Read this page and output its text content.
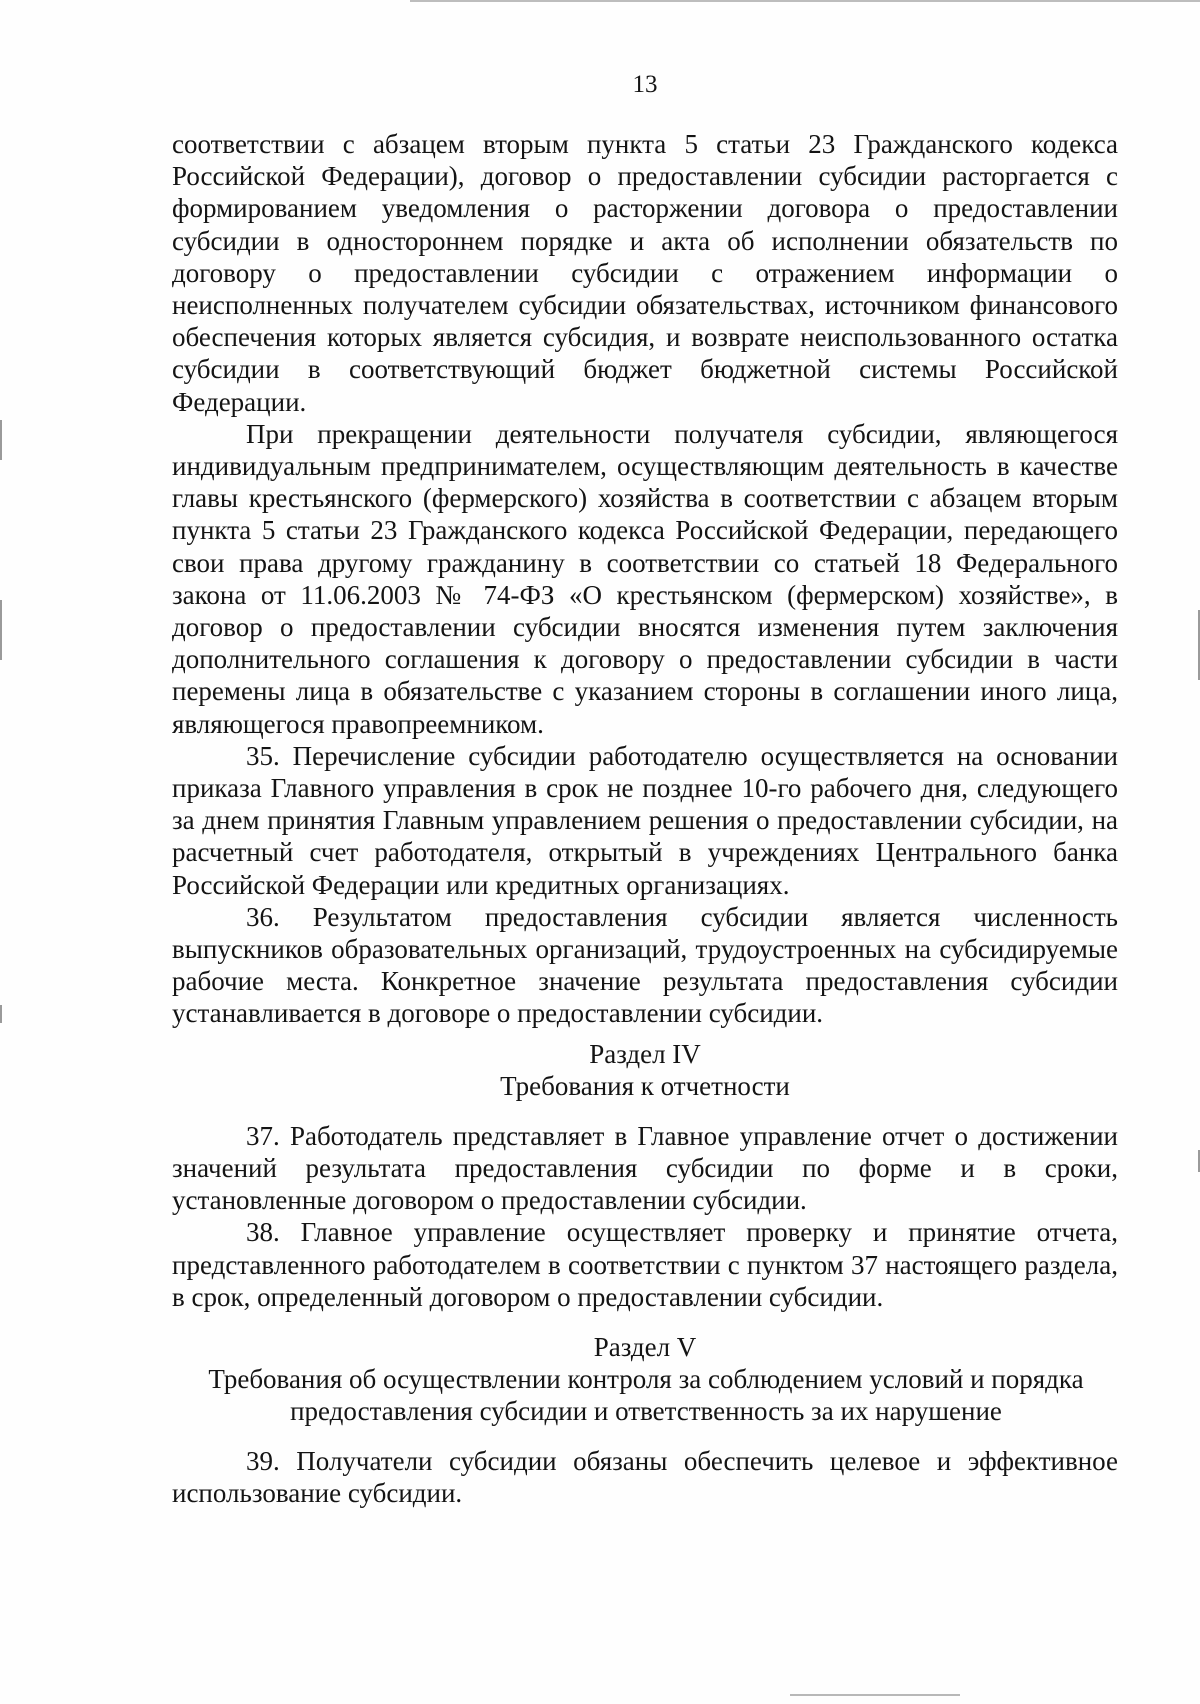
13

соответствии с абзацем вторым пункта 5 статьи 23 Гражданского кодекса Российской Федерации), договор о предоставлении субсидии расторгается с формированием уведомления о расторжении договора о предоставлении субсидии в одностороннем порядке и акта об исполнении обязательств по договору о предоставлении субсидии с отражением информации о неисполненных получателем субсидии обязательствах, источником финансового обеспечения которых является субсидия, и возврате неиспользованного остатка субсидии в соответствующий бюджет бюджетной системы Российской Федерации.

При прекращении деятельности получателя субсидии, являющегося индивидуальным предпринимателем, осуществляющим деятельность в качестве главы крестьянского (фермерского) хозяйства в соответствии с абзацем вторым пункта 5 статьи 23 Гражданского кодекса Российской Федерации, передающего свои права другому гражданину в соответствии со статьей 18 Федерального закона от 11.06.2003 № 74-ФЗ «О крестьянском (фермерском) хозяйстве», в договор о предоставлении субсидии вносятся изменения путем заключения дополнительного соглашения к договору о предоставлении субсидии в части перемены лица в обязательстве с указанием стороны в соглашении иного лица, являющегося правопреемником.

35. Перечисление субсидии работодателю осуществляется на основании приказа Главного управления в срок не позднее 10-го рабочего дня, следующего за днем принятия Главным управлением решения о предоставлении субсидии, на расчетный счет работодателя, открытый в учреждениях Центрального банка Российской Федерации или кредитных организациях.

36. Результатом предоставления субсидии является численность выпускников образовательных организаций, трудоустроенных на субсидируемые рабочие места. Конкретное значение результата предоставления субсидии устанавливается в договоре о предоставлении субсидии.

Раздел IV
Требования к отчетности

37. Работодатель представляет в Главное управление отчет о достижении значений результата предоставления субсидии по форме и в сроки, установленные договором о предоставлении субсидии.

38. Главное управление осуществляет проверку и принятие отчета, представленного работодателем в соответствии с пунктом 37 настоящего раздела, в срок, определенный договором о предоставлении субсидии.

Раздел V
Требования об осуществлении контроля за соблюдением условий и порядка
предоставления субсидии и ответственность за их нарушение

39. Получатели субсидии обязаны обеспечить целевое и эффективное использование субсидии.
